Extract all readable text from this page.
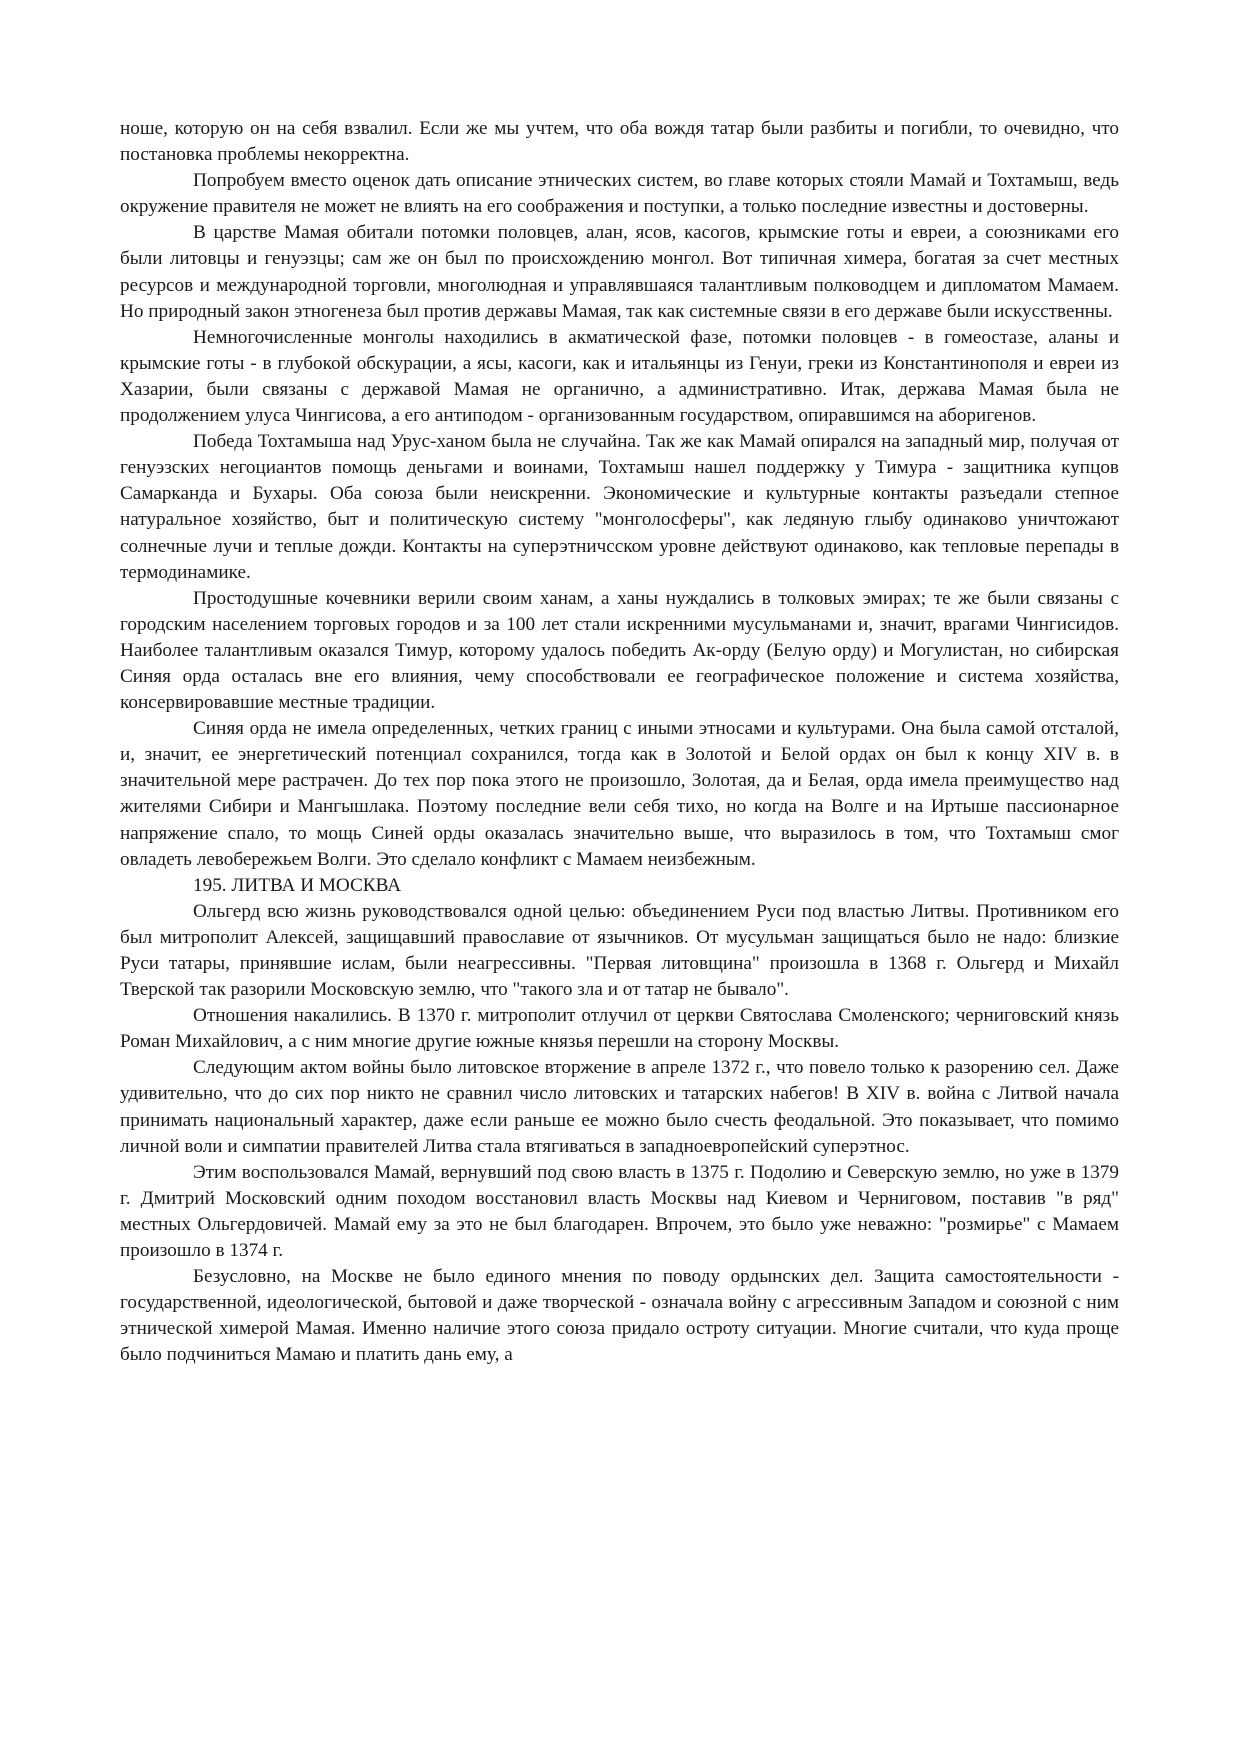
ноше, которую он на себя взвалил. Если же мы учтем, что оба вождя татар были разбиты и погибли, то очевидно, что постановка проблемы некорректна.

Попробуем вместо оценок дать описание этнических систем, во главе которых стояли Мамай и Тохтамыш, ведь окружение правителя не может не влиять на его соображения и поступки, а только последние известны и достоверны.

В царстве Мамая обитали потомки половцев, алан, ясов, касогов, крымские готы и евреи, а союзниками его были литовцы и генуэзцы; сам же он был по происхождению монгол. Вот типичная химера, богатая за счет местных ресурсов и международной торговли, многолюдная и управлявшаяся талантливым полководцем и дипломатом Мамаем. Но природный закон этногенеза был против державы Мамая, так как системные связи в его державе были искусственны.

Немногочисленные монголы находились в акматической фазе, потомки половцев - в гомеостазе, аланы и крымские готы - в глубокой обскурации, а ясы, касоги, как и итальянцы из Генуи, греки из Константинополя и евреи из Хазарии, были связаны с державой Мамая не органично, а административно. Итак, держава Мамая была не продолжением улуса Чингисова, а его антиподом - организованным государством, опиравшимся на аборигенов.

Победа Тохтамыша над Урус-ханом была не случайна. Так же как Мамай опирался на западный мир, получая от генуэзских негоциантов помощь деньгами и воинами, Тохтамыш нашел поддержку у Тимура - защитника купцов Самарканда и Бухары. Оба союза были неискренни. Экономические и культурные контакты разъедали степное натуральное хозяйство, быт и политическую систему "монголосферы", как ледяную глыбу одинаково уничтожают солнечные лучи и теплые дожди. Контакты на суперэтничсском уровне действуют одинаково, как тепловые перепады в термодинамике.

Простодушные кочевники верили своим ханам, а ханы нуждались в толковых эмирах; те же были связаны с городским населением торговых городов и за 100 лет стали искренними мусульманами и, значит, врагами Чингисидов. Наиболее талантливым оказался Тимур, которому удалось победить Ак-орду (Белую орду) и Могулистан, но сибирская Синяя орда осталась вне его влияния, чему способствовали ее географическое положение и система хозяйства, консервировавшие местные традиции.

Синяя орда не имела определенных, четких границ с иными этносами и культурами. Она была самой отсталой, и, значит, ее энергетический потенциал сохранился, тогда как в Золотой и Белой ордах он был к концу XIV в. в значительной мере растрачен. До тех пор пока этого не произошло, Золотая, да и Белая, орда имела преимущество над жителями Сибири и Мангышлака. Поэтому последние вели себя тихо, но когда на Волге и на Иртыше пассионарное напряжение спало, то мощь Синей орды оказалась значительно выше, что выразилось в том, что Тохтамыш смог овладеть левобережьем Волги. Это сделало конфликт с Мамаем неизбежным.

195. ЛИТВА И МОСКВА

Ольгерд всю жизнь руководствовался одной целью: объединением Руси под властью Литвы. Противником его был митрополит Алексей, защищавший православие от язычников. От мусульман защищаться было не надо: близкие Руси татары, принявшие ислам, были неагрессивны. "Первая литовщина" произошла в 1368 г. Ольгерд и Михайл Тверской так разорили Московскую землю, что "такого зла и от татар не бывало".

Отношения накалились. В 1370 г. митрополит отлучил от церкви Святослава Смоленского; черниговский князь Роман Михайлович, а с ним многие другие южные князья перешли на сторону Москвы.

Следующим актом войны было литовское вторжение в апреле 1372 г., что повело только к разорению сел. Даже удивительно, что до сих пор никто не сравнил число литовских и татарских набегов! В XIV в. война с Литвой начала принимать национальный характер, даже если раньше ее можно было счесть феодальной. Это показывает, что помимо личной воли и симпатии правителей Литва стала втягиваться в западноевропейский суперэтнос.

Этим воспользовался Мамай, вернувший под свою власть в 1375 г. Подолию и Северскую землю, но уже в 1379 г. Дмитрий Московский одним походом восстановил власть Москвы над Киевом и Черниговом, поставив "в ряд" местных Ольгердовичей. Мамай ему за это не был благодарен. Впрочем, это было уже неважно: "розмирье" с Мамаем произошло в 1374 г.

Безусловно, на Москве не было единого мнения по поводу ордынских дел. Защита самостоятельности - государственной, идеологической, бытовой и даже творческой - означала войну с агрессивным Западом и союзной с ним этнической химерой Мамая. Именно наличие этого союза придало остроту ситуации. Многие считали, что куда проще было подчиниться Мамаю и платить дань ему, а
